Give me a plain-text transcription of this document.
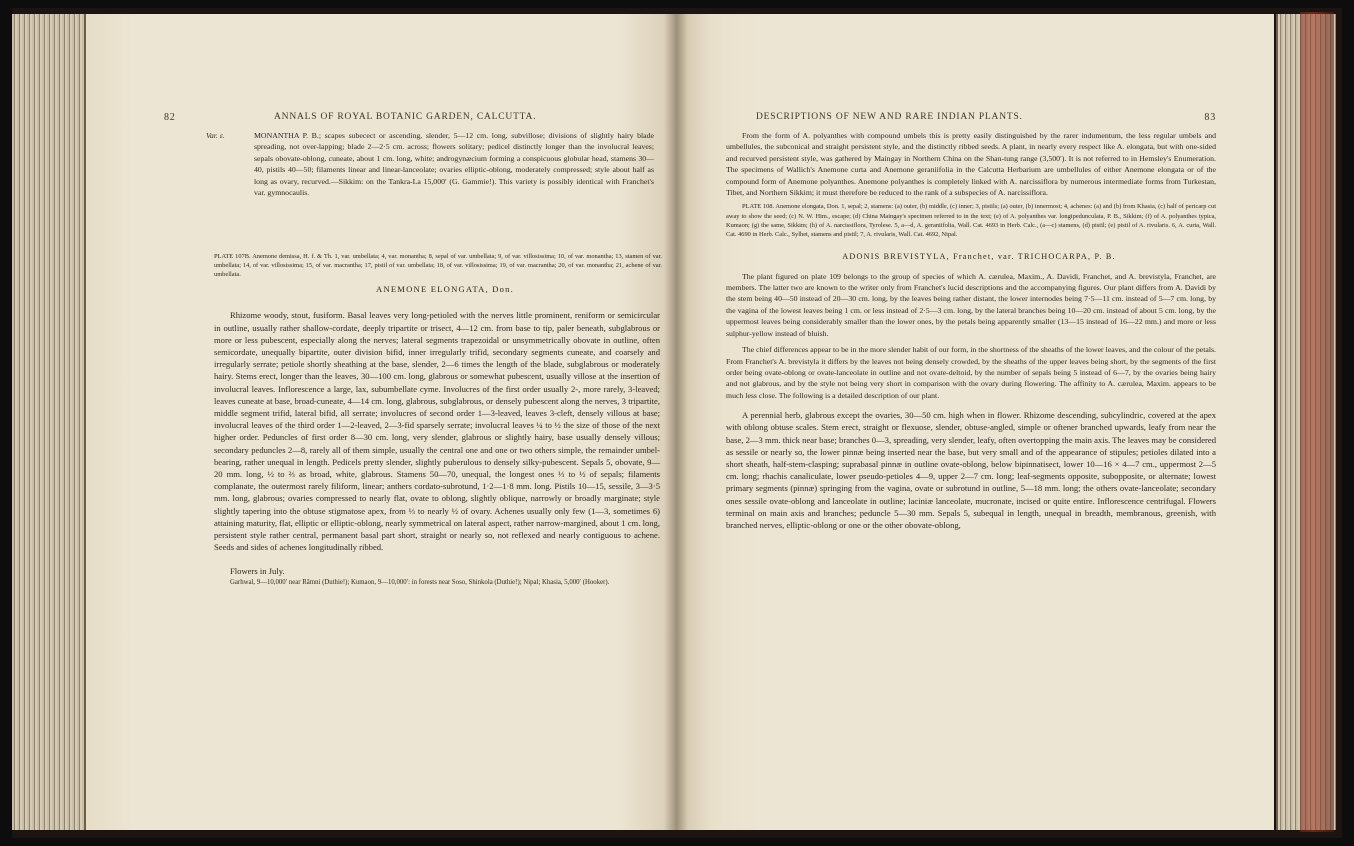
82	ANNALS OF ROYAL BOTANIC GARDEN, CALCUTTA.
Var. ε.	MONANTHA P. B.; scapes subecect or ascending, slender, 5—12 cm. long, subvillose; divisions of slightly hairy blade spreading, not over-lapping; blade 2—2·5 cm. across; flowers solitary; pedicel distinctly longer than the involucral leaves; sepals obovate-oblong, cuneate, about 1 cm. long, white; androgynæcium forming a conspicuous globular head, stamens 30—40, pistils 40—50; filaments linear and linear-lanceolate; ovaries elliptic-oblong, moderately compressed; style about half as long as ovary, recurved.—Sikkim: on the Tankra-La 15,000′ (G. Gammie!). This variety is possibly identical with Franchet's var. gymnocaulis.
PLATE 107B. Anemone demissa, H. f. & Th. 1, var. umbellata; 4, var. monantha; 8, sepal of var. umbellata; 9, of var. villosissima; 10, of var. monantha; 13, stamen of var. umbellata; 14, of var. villosissima; 15, of var. macrantha; 17, pistil of var. umbellata; 18, of var. villosissima; 19, of var. macrantha; 20, of var. monantha; 21, achene of var. umbellata.

ANEMONE ELONGATA, Don.

Rhizome woody, stout, fusiform. Basal leaves very long-petioled with the nerves little prominent, reniform or semicircular in outline, usually rather shallow-cordate, deeply tripartite or trisect, 4—12 cm. from base to tip, paler beneath, subglabrous or more or less pubescent, especially along the nerves; lateral segments trapezoidal or unsymmetrically obovate in outline, often semicordate, unequally bipartite, outer division bifid, inner irregularly trifid, secondary segments cuneate, and coarsely and irregularly serrate; petiole shortly sheathing at the base, slender, 2—6 times the length of the blade, subglabrous or moderately hairy. Stems erect, longer than the leaves, 30—100 cm. long, glabrous or somewhat pubescent, usually villose at the insertion of involucral leaves. Inflorescence a large, lax, subumbellate cyme. Involucres of the first order usually 2-, more rarely, 3-leaved; leaves cuneate at base, broad-cuneate, 4—14 cm. long, glabrous, subglabrous, or densely pubescent along the nerves, 3 tripartite, middle segment trifid, lateral bifid, all serrate; involucres of second order 1—3-leaved, leaves 3-cleft, densely villous at base; involucral leaves of the third order 1—2-leaved, 2—3-fid sparsely serrate; involucral leaves ¼ to ½ the size of those of the next higher order. Peduncles of first order 8—30 cm. long, very slender, glabrous or slightly hairy, base usually densely villous; secondary peduncles 2—8, rarely all of them simple, usually the central one and one or two others simple, the remainder umbel-bearing, rather unequal in length. Pedicels pretty slender, slightly puberulous to densely silky-pubescent. Sepals 5, obovate, 9—20 mm. long, ½ to ⅔ as broad, white, glabrous. Stamens 50—70, unequal, the longest ones ⅓ to ½ of sepals; filaments complanate, the outermost rarely filiform, linear; anthers cordato-subrotund, 1·2—1·8 mm. long. Pistils 10—15, sessile, 3—3·5 mm. long, glabrous; ovaries compressed to nearly flat, ovate to oblong, slightly oblique, narrowly or broadly marginate; style slightly tapering into the obtuse stigmatose apex, from ⅓ to nearly ½ of ovary. Achenes usually only few (1—3, sometimes 6) attaining maturity, flat, elliptic or elliptic-oblong, nearly symmetrical on lateral aspect, rather narrow-margined, about 1 cm. long, persistent style rather central, permanent basal part short, straight or nearly so, not reflexed and nearly contiguous to achene. Seeds and sides of achenes longitudinally ribbed.

Flowers in July.

Garhwal, 9—10,000′ near Rāmni (Duthie!); Kumaon, 9—10,000′: in forests near Soso, Shinkola (Duthie!); Nipal; Khasia, 5,000′ (Hooker).

DESCRIPTIONS OF NEW AND RARE INDIAN PLANTS.	83

From the form of A. polyanthes with compound umbels this is pretty easily distinguished by the rarer indumentum, the less regular umbels and umbellules, the subconical and straight persistent style, and the distinctly ribbed seeds. A plant, in nearly every respect like A. elongata, but with one-sided and recurved persistent style, was gathered by Maingay in Northern China on the Shan-tung range (3,500′). It is not referred to in Hemsley's Enumeration. The specimens of Wallich's Anemone curta and Anemone geraniifolia in the Calcutta Herbarium are umbellules of either Anemone elongata or of the compound form of Anemone polyanthes. Anemone polyanthes is completely linked with A. narcissiflora by numerous intermediate forms from Turkestan, Tibet, and Northern Sikkim; it must therefore be reduced to the rank of a subspecies of A. narcissiflora.

PLATE 108. Anemone elongata, Don. 1, sepal; 2, stamens: (a) outer, (b) middle, (c) inner; 3, pistils; (a) outer, (b) innermost; 4, achenes: (a) and (b) from Khasia, (c) half of pericarp cut away to show the seed; (c) N. W. Him., escape; (d) China Maingay's specimen referred to in the text; (e) of A. polyanthes var. longipedunculata, P. B., Sikkim; (f) of A. polyanthes typica, Kumaon; (g) the same, Sikkim; (h) of A. narcissiflora, Tyrolese. 5, a—d, A. geraniifolia, Wall. Cat. 4693 in Herb. Calc., (a—c) stamens, (d) pistil; (e) pistil of A. rivularis. 6, A. curta, Wall. Cat. 4690 in Herb. Calc., Sylhet, stamens and pistil; 7, A. rivularis, Wall. Cat. 4692, Nipal.

ADONIS BREVISTYLA, Franchet, var. TRICHOCARPA, P. B.

The plant figured on plate 109 belongs to the group of species of which A. cærulea, Maxim., A. Davidi, Franchet, and A. brevistyla, Franchet, are members. The latter two are known to the writer only from Franchet's lucid descriptions and the accompanying figures. Our plant differs from A. Davidi by the stem being 40—50 instead of 20—30 cm. long, by the leaves being rather distant, the lower internodes being 7·5—11 cm. instead of 5—7 cm. long, by the vagina of the lowest leaves being 1 cm. or less instead of 2·5—3 cm. long, by the lateral branches being 10—20 cm. instead of about 5 cm. long, by the uppermost leaves being considerably smaller than the lower ones, by the petals being apparently smaller (13—15 instead of 16—22 mm.) and more or less sulphur-yellow instead of bluish.

The chief differences appear to be in the more slender habit of our form, in the shortness of the sheaths of the lower leaves, and the colour of the petals. From Franchet's A. brevistyla it differs by the leaves not being densely crowded, by the sheaths of the upper leaves being short, by the segments of the first order being ovate-oblong or ovate-lanceolate in outline and not ovate-deltoid, by the number of sepals being 5 instead of 6—7, by the ovaries being hairy and not glabrous, and by the style not being very short in comparison with the ovary during flowering. The affinity to A. cærulea, Maxim. appears to be much less close. The following is a detailed description of our plant.

A perennial herb, glabrous except the ovaries, 30—50 cm. high when in flower. Rhizome descending, subcylindric, covered at the apex with oblong obtuse scales. Stem erect, straight or flexuose, slender, obtuse-angled, simple or oftener branched upwards, leafy from near the base, 2—3 mm. thick near base; branches 0—3, spreading, very slender, leafy, often overtopping the main axis. The leaves may be considered as sessile or nearly so, the lower pinnæ being inserted near the base, but very small and of the appearance of stipules; petioles dilated into a short sheath, half-stem-clasping; suprabasal pinnæ in outline ovate-oblong, below bipinnatisect, lower 10—16 × 4—7 cm., uppermost 2—5 cm. long; rhachis canaliculate, lower pseudo-petioles 4—9, upper 2—7 cm. long; leaf-segments opposite, subopposite, or alternate; lowest primary segments (pinnæ) springing from the vagina, ovate or subrotund in outline, 5—18 mm. long; the others ovate-lanceolate; secondary ones sessile ovate-oblong and lanceolate in outline; laciniæ lanceolate, mucronate, incised or quite entire. Inflorescence centrifugal. Flowers terminal on main axis and branches; peduncle 5—30 mm. Sepals 5, subequal in length, unequal in breadth, membranous, greenish, with branched nerves, elliptic-oblong or one or the other obovate-oblong,
